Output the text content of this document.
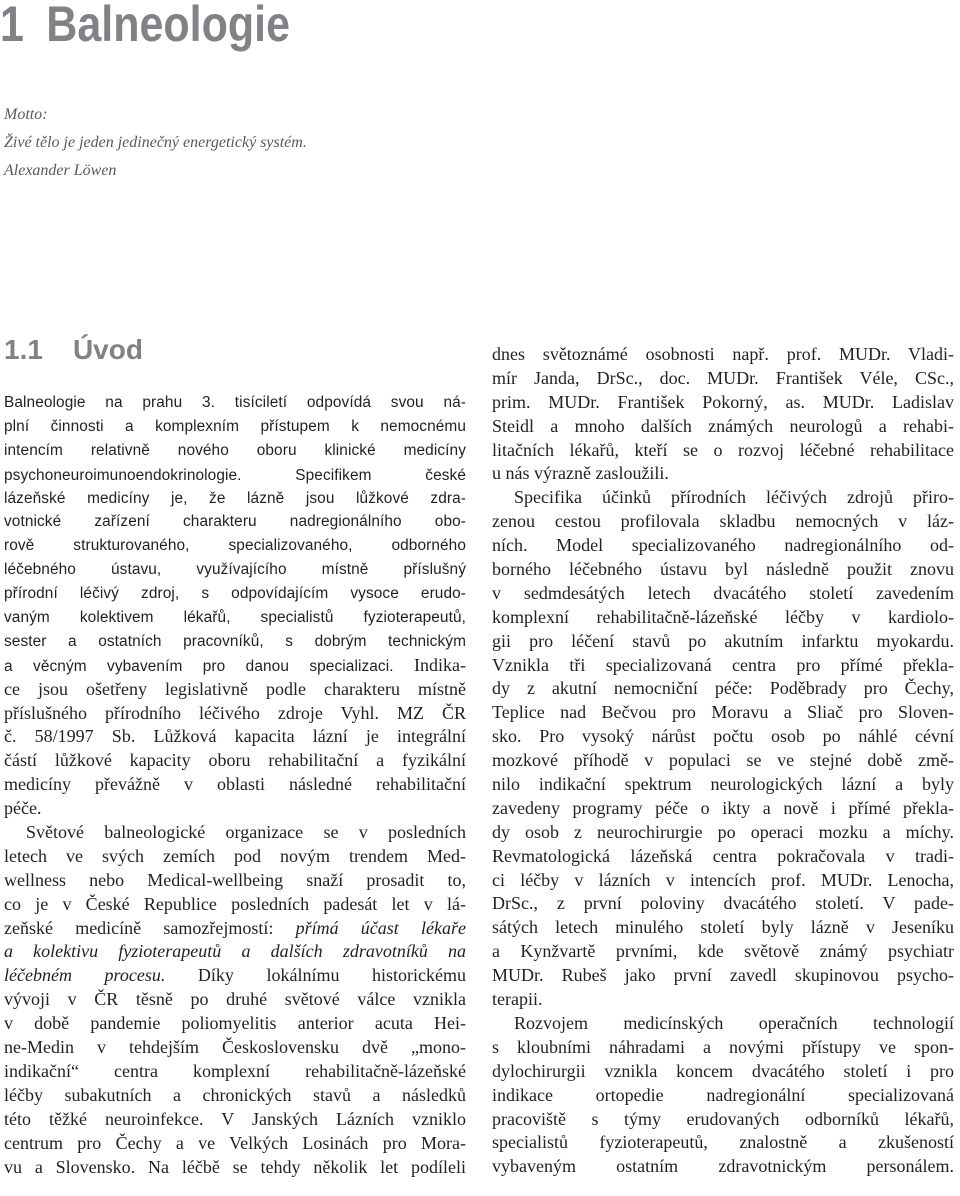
1 Balneologie
Motto:
Živé tělo je jeden jedinečný energetický systém.
Alexander Löwen
1.1 Úvod
Balneologie na prahu 3. tisíciletí odpovídá svou ná-
plní činnosti a komplexním přístupem k nemocnému
intencím relativně nového oboru klinické medicíny
psychoneuroimunoendokrinologie. Specifikem české
lázeňské medicíny je, že lázně jsou lůžkové zdra-
votnické zařízení charakteru nadregionálního obo-
rově strukturovaného, specializovaného, odborného
léčebného ústavu, využívajícího místně příslušný
přírodní léčivý zdroj, s odpovídajícím vysoce erudo-
vaným kolektivem lékařů, specialistů fyzioterapeutů,
sester a ostatních pracovníků, s dobrým technickým
a věcným vybavením pro danou specializaci. Indika-
ce jsou ošetřeny legislativně podle charakteru místně
příslušného přírodního léčivého zdroje Vyhl. MZ ČR
č. 58/1997 Sb. Lůžková kapacita lázní je integrální
částí lůžkové kapacity oboru rehabilitační a fyzikální
medicíny převážně v oblasti následné rehabilitační
péče.
Světové balneologické organizace se v posledních
letech ve svých zemích pod novým trendem Med-
wellness nebo Medical-wellbeing snaží prosadit to,
co je v České Republice posledních padesát let v lá-
zeňské medicíně samozřejmostí: přímá účast lékaře
a kolektivu fyzioterapeutů a dalších zdravotníků na
léčebném procesu. Díky lokálnímu historickému
vývoji v ČR těsně po druhé světové válce vznikla
v době pandemie poliomyelitis anterior acuta Hei-
ne-Medin v tehdejším Československu dvě „mono-
indikační“ centra komplexní rehabilitačně-lázeňské
léčby subakutních a chronických stavů a následků
této těžké neuroinfekce. V Janských Lázních vzniklo
centrum pro Čechy a ve Velkých Losinách pro Mora-
vu a Slovensko. Na léčbě se tehdy několik let podíleli
dnes světoznámé osobnosti např. prof. MUDr. Vladi-
mír Janda, DrSc., doc. MUDr. František Véle, CSc.,
prim. MUDr. František Pokorný, as. MUDr. Ladislav
Steidl a mnoho dalších známých neurologů a rehabi-
litačních lékařů, kteří se o rozvoj léčebné rehabilitace
u nás výrazně zasloužili.
Specifika účinků přírodních léčivých zdrojů přiro-
zenou cestou profilovala skladbu nemocných v láz-
ních. Model specializovaného nadregionálního od-
borného léčebného ústavu byl následně použit znovu
v sedmdesátých letech dvacátého století zavedením
komplexní rehabilitačně-lázeňské léčby v kardiolo-
gii pro léčení stavů po akutním infarktu myokardu.
Vznikla tři specializovaná centra pro přímé překla-
dy z akutní nemocniční péče: Poděbrady pro Čechy,
Teplice nad Bečvou pro Moravu a Sliač pro Sloven-
sko. Pro vysoký nárůst počtu osob po náhlé cévní
mozkové příhodě v populaci se ve stejné době změ-
nilo indikační spektrum neurologických lázní a byly
zavedeny programy péče o ikty a nově i přímé překla-
dy osob z neurochirurgie po operaci mozku a míchy.
Revmatologická lázeňská centra pokračovala v tradi-
ci léčby v lázních v intencích prof. MUDr. Lenocha,
DrSc., z první poloviny dvacátého století. V pade-
sátých letech minulého století byly lázně v Jeseníku
a Kynžvartě prvními, kde světově známý psychiatr
MUDr. Rubeš jako první zavedl skupinovou psycho-
terapii.
Rozvojem medicínských operačních technologií
s kloubními náhradami a novými přístupy ve spon-
dylochirurgii vznikla koncem dvacátého století i pro
indikace ortopedie nadregionální specializovaná
pracoviště s týmy erudovaných odborníků lékařů,
specialistů fyzioterapeutů, znalostně a zkušeností
vybaveným ostatním zdravotnickým personálem.
